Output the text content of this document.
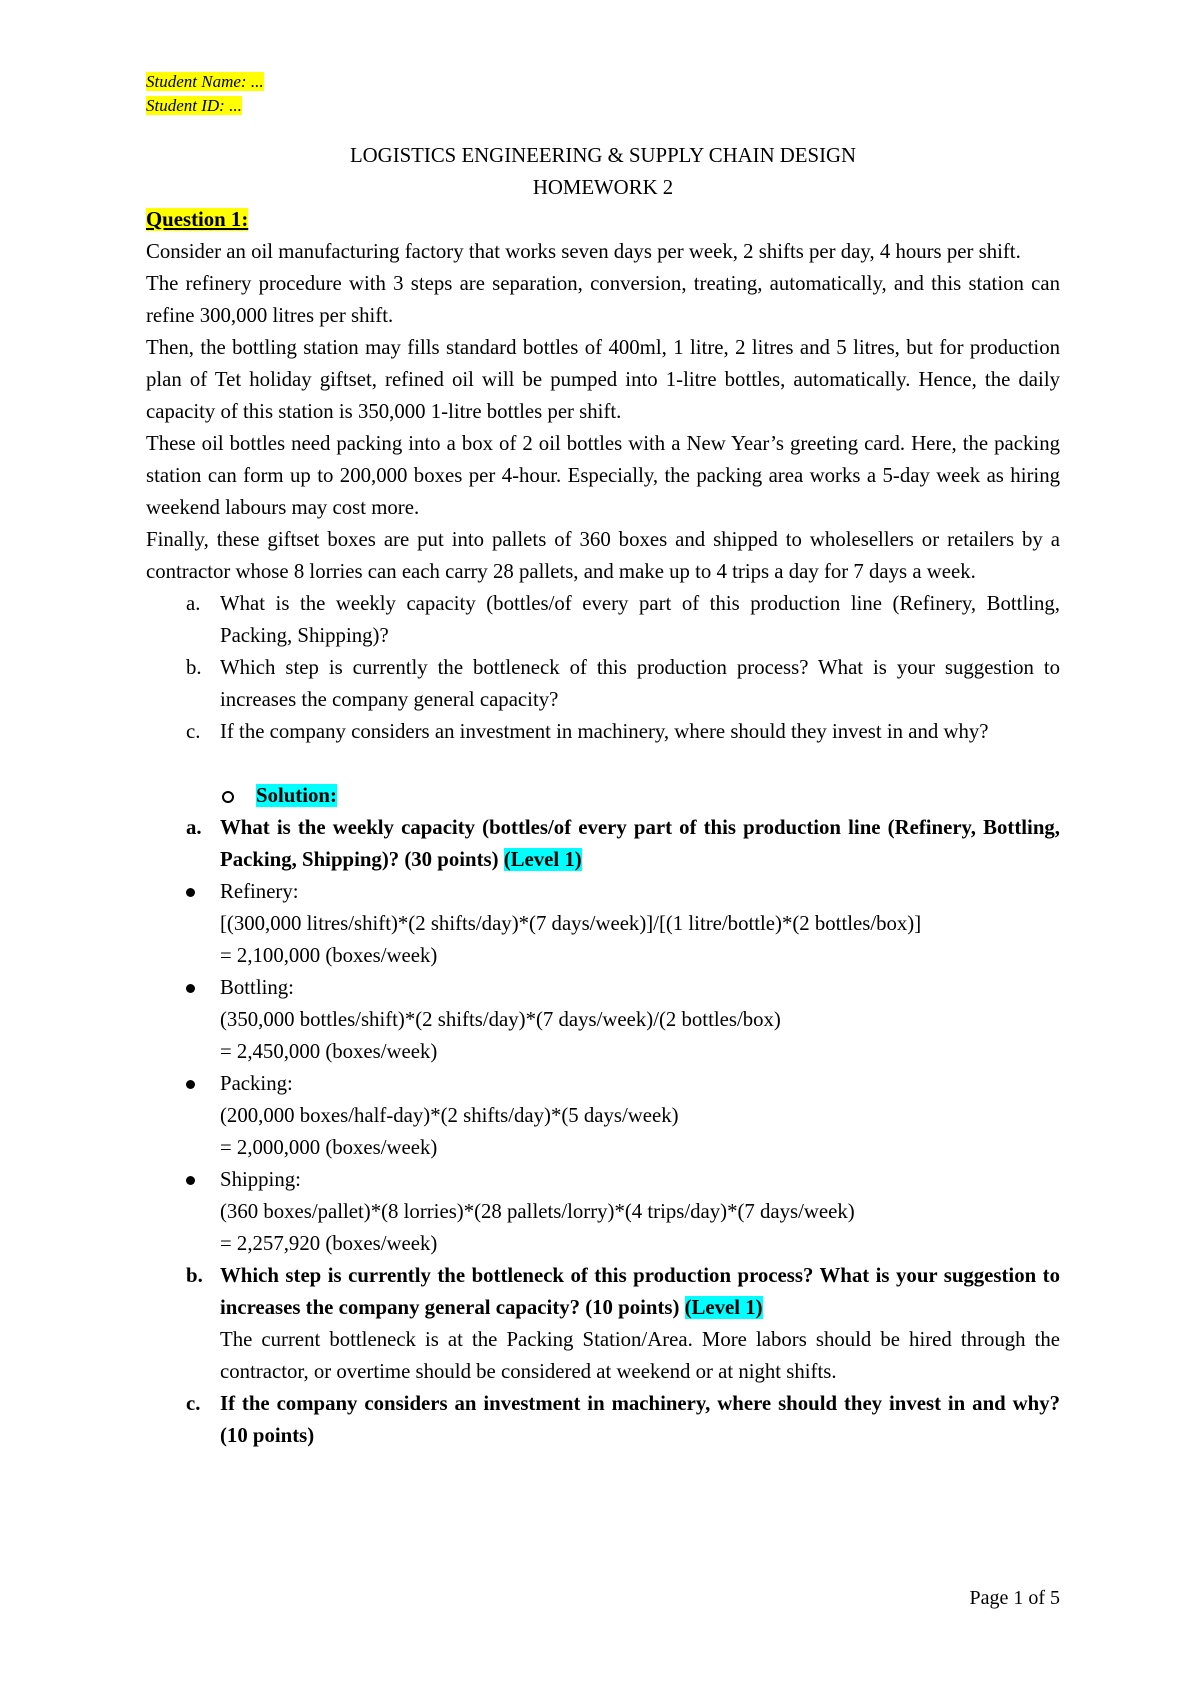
Student Name: ...
Student ID: ...
LOGISTICS ENGINEERING & SUPPLY CHAIN DESIGN
HOMEWORK 2
Question 1:

Consider an oil manufacturing factory that works seven days per week, 2 shifts per day, 4 hours per shift.

The refinery procedure with 3 steps are separation, conversion, treating, automatically, and this station can refine 300,000 litres per shift.

Then, the bottling station may fills standard bottles of 400ml, 1 litre, 2 litres and 5 litres, but for production plan of Tet holiday giftset, refined oil will be pumped into 1-litre bottles, automatically. Hence, the daily capacity of this station is 350,000 1-litre bottles per shift.

These oil bottles need packing into a box of 2 oil bottles with a New Year’s greeting card. Here, the packing station can form up to 200,000 boxes per 4-hour. Especially, the packing area works a 5-day week as hiring weekend labours may cost more.

Finally, these giftset boxes are put into pallets of 360 boxes and shipped to wholesellers or retailers by a contractor whose 8 lorries can each carry 28 pallets, and make up to 4 trips a day for 7 days a week.

a. What is the weekly capacity (bottles/of every part of this production line (Refinery, Bottling, Packing, Shipping)?
b. Which step is currently the bottleneck of this production process? What is your suggestion to increases the company general capacity?
c. If the company considers an investment in machinery, where should they invest in and why?
Solution:
a. What is the weekly capacity (bottles/of every part of this production line (Refinery, Bottling, Packing, Shipping)? (30 points) (Level 1)
Refinery:
[(300,000 litres/shift)*(2 shifts/day)*(7 days/week)]/[(1 litre/bottle)*(2 bottles/box)]
= 2,100,000 (boxes/week)
Bottling:
(350,000 bottles/shift)*(2 shifts/day)*(7 days/week)/(2 bottles/box)
= 2,450,000 (boxes/week)
Packing:
(200,000 boxes/half-day)*(2 shifts/day)*(5 days/week)
= 2,000,000 (boxes/week)
Shipping:
(360 boxes/pallet)*(8 lorries)*(28 pallets/lorry)*(4 trips/day)*(7 days/week)
= 2,257,920 (boxes/week)
b. Which step is currently the bottleneck of this production process? What is your suggestion to increases the company general capacity? (10 points) (Level 1)
The current bottleneck is at the Packing Station/Area. More labors should be hired through the contractor, or overtime should be considered at weekend or at night shifts.
c. If the company considers an investment in machinery, where should they invest in and why? (10 points)
Page 1 of 5
